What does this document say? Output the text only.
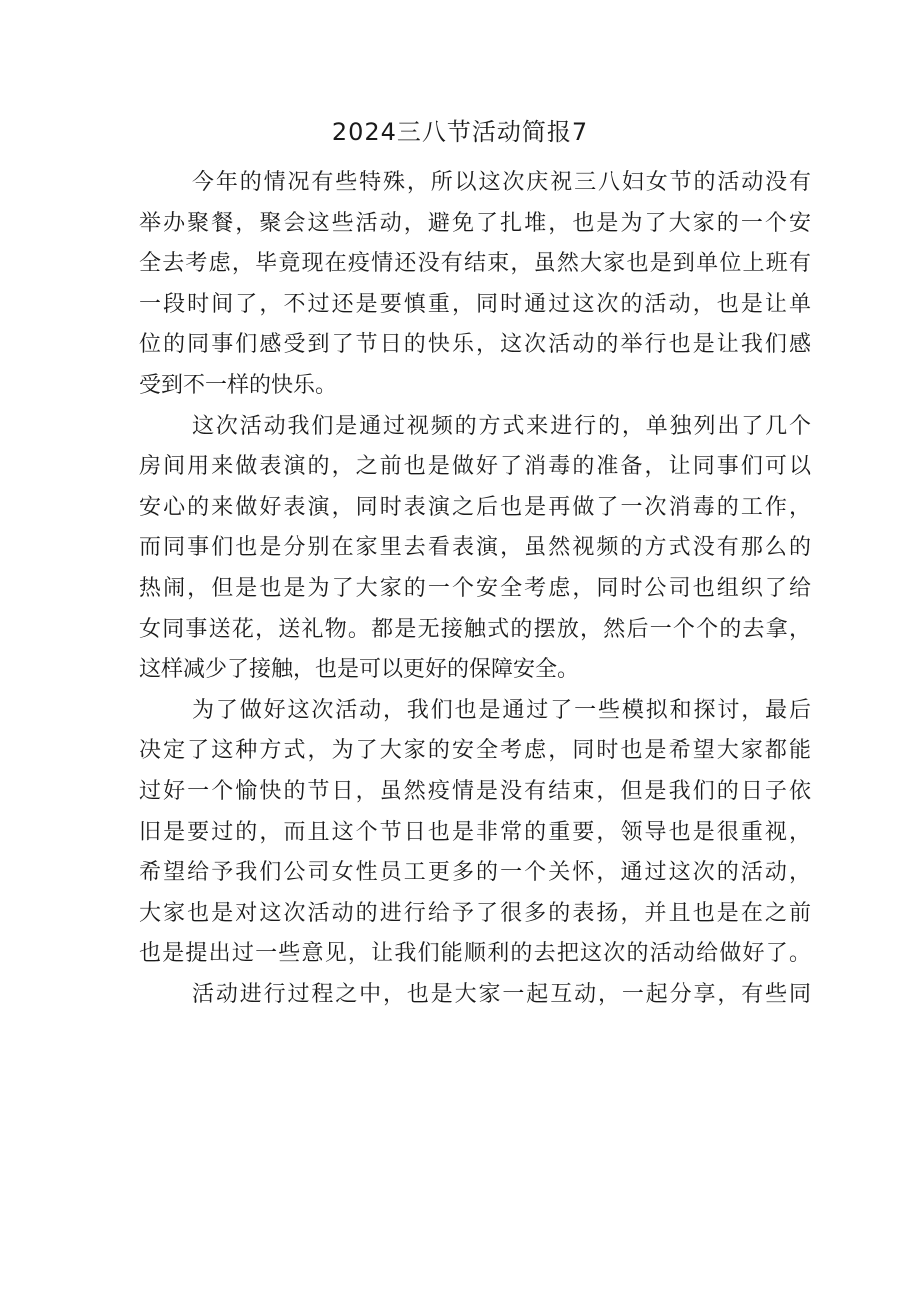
2024三八节活动简报7
今年的情况有些特殊，所以这次庆祝三八妇女节的活动没有
举办聚餐，聚会这些活动，避免了扎堆，也是为了大家的一个安
全去考虑，毕竟现在疫情还没有结束，虽然大家也是到单位上班有
一段时间了，不过还是要慎重，同时通过这次的活动，也是让单
位的同事们感受到了节日的快乐，这次活动的举行也是让我们感
受到不一样的快乐。
这次活动我们是通过视频的方式来进行的，单独列出了几个
房间用来做表演的，之前也是做好了消毒的准备，让同事们可以
安心的来做好表演，同时表演之后也是再做了一次消毒的工作，
而同事们也是分别在家里去看表演，虽然视频的方式没有那么的
热闹，但是也是为了大家的一个安全考虑，同时公司也组织了给
女同事送花，送礼物。都是无接触式的摆放，然后一个个的去拿，
这样减少了接触，也是可以更好的保障安全。
为了做好这次活动，我们也是通过了一些模拟和探讨，最后
决定了这种方式，为了大家的安全考虑，同时也是希望大家都能
过好一个愉快的节日，虽然疫情是没有结束，但是我们的日子依
旧是要过的，而且这个节日也是非常的重要，领导也是很重视，
希望给予我们公司女性员工更多的一个关怀，通过这次的活动，
大家也是对这次活动的进行给予了很多的表扬，并且也是在之前
也是提出过一些意见，让我们能顺利的去把这次的活动给做好了。
活动进行过程之中，也是大家一起互动，一起分享，有些同
